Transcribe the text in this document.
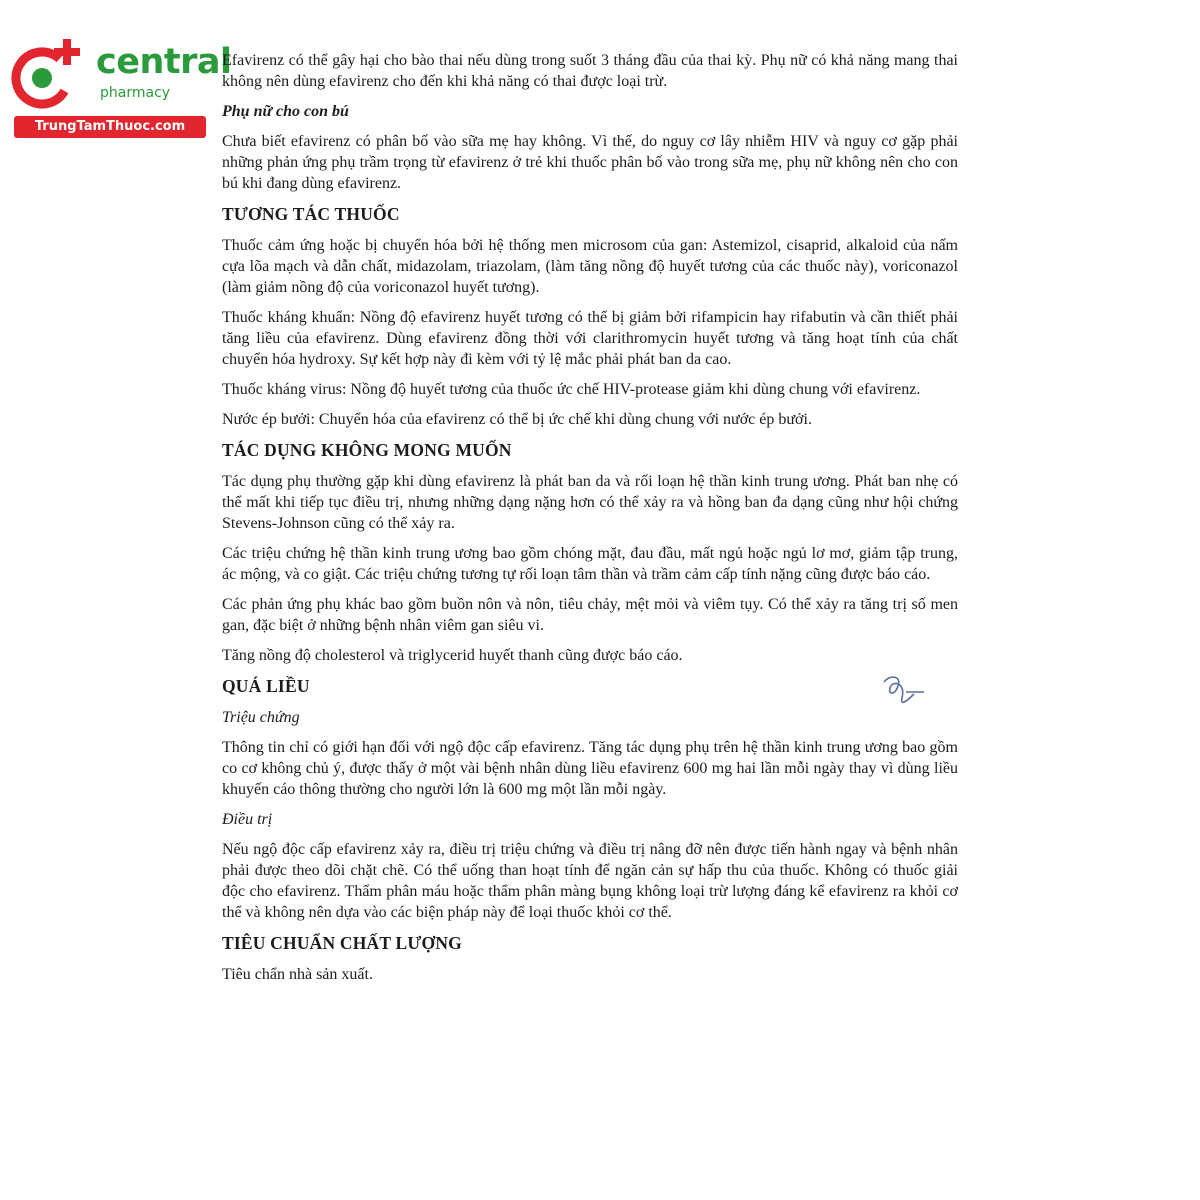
central
pharmacy
TrungTamThuoc.com

Efavirenz có thể gây hại cho bào thai nếu dùng trong suốt 3 tháng đầu của thai kỳ. Phụ nữ có khả năng mang thai không nên dùng efavirenz cho đến khi khả năng có thai được loại trừ.

Phụ nữ cho con bú

Chưa biết efavirenz có phân bố vào sữa mẹ hay không. Vì thế, do nguy cơ lây nhiễm HIV và nguy cơ gặp phải những phản ứng phụ trầm trọng từ efavirenz ở trẻ khi thuốc phân bố vào trong sữa mẹ, phụ nữ không nên cho con bú khi đang dùng efavirenz.

TƯƠNG TÁC THUỐC

Thuốc cảm ứng hoặc bị chuyển hóa bởi hệ thống men microsom của gan: Astemizol, cisaprid, alkaloid của nấm cựa lõa mạch và dẫn chất, midazolam, triazolam, (làm tăng nồng độ huyết tương của các thuốc này), voriconazol (làm giảm nồng độ của voriconazol huyết tương).

Thuốc kháng khuẩn: Nồng độ efavirenz huyết tương có thể bị giảm bởi rifampicin hay rifabutin và cần thiết phải tăng liều của efavirenz. Dùng efavirenz đồng thời với clarithromycin huyết tương và tăng hoạt tính của chất chuyển hóa hydroxy. Sự kết hợp này đi kèm với tỷ lệ mắc phải phát ban da cao.

Thuốc kháng virus: Nồng độ huyết tương của thuốc ức chế HIV-protease giảm khi dùng chung với efavirenz.

Nước ép bưởi: Chuyển hóa của efavirenz có thể bị ức chế khi dùng chung với nước ép bưởi.

TÁC DỤNG KHÔNG MONG MUỐN

Tác dụng phụ thường gặp khi dùng efavirenz là phát ban da và rối loạn hệ thần kinh trung ương. Phát ban nhẹ có thể mất khi tiếp tục điều trị, nhưng những dạng nặng hơn có thể xảy ra và hồng ban đa dạng cũng như hội chứng Stevens-Johnson cũng có thể xảy ra.

Các triệu chứng hệ thần kinh trung ương bao gồm chóng mặt, đau đầu, mất ngủ hoặc ngủ lơ mơ, giảm tập trung, ác mộng, và co giật. Các triệu chứng tương tự rối loạn tâm thần và trầm cảm cấp tính nặng cũng được báo cáo.

Các phản ứng phụ khác bao gồm buồn nôn và nôn, tiêu chảy, mệt mỏi và viêm tụy. Có thể xảy ra tăng trị số men gan, đặc biệt ở những bệnh nhân viêm gan siêu vi.

Tăng nồng độ cholesterol và triglycerid huyết thanh cũng được báo cáo.

QUÁ LIỀU
Triệu chứng

Thông tin chỉ có giới hạn đối với ngộ độc cấp efavirenz. Tăng tác dụng phụ trên hệ thần kinh trung ương bao gồm co cơ không chủ ý, được thấy ở một vài bệnh nhân dùng liều efavirenz 600 mg hai lần mỗi ngày thay vì dùng liều khuyến cáo thông thường cho người lớn là 600 mg một lần mỗi ngày.

Điều trị

Nếu ngộ độc cấp efavirenz xảy ra, điều trị triệu chứng và điều trị nâng đỡ nên được tiến hành ngay và bệnh nhân phải được theo dõi chặt chẽ. Có thể uống than hoạt tính để ngăn cản sự hấp thu của thuốc. Không có thuốc giải độc cho efavirenz. Thẩm phân máu hoặc thẩm phân màng bụng không loại trừ lượng đáng kể efavirenz ra khỏi cơ thể và không nên dựa vào các biện pháp này để loại thuốc khỏi cơ thể.

TIÊU CHUẨN CHẤT LƯỢNG

Tiêu chẩn nhà sản xuất.
